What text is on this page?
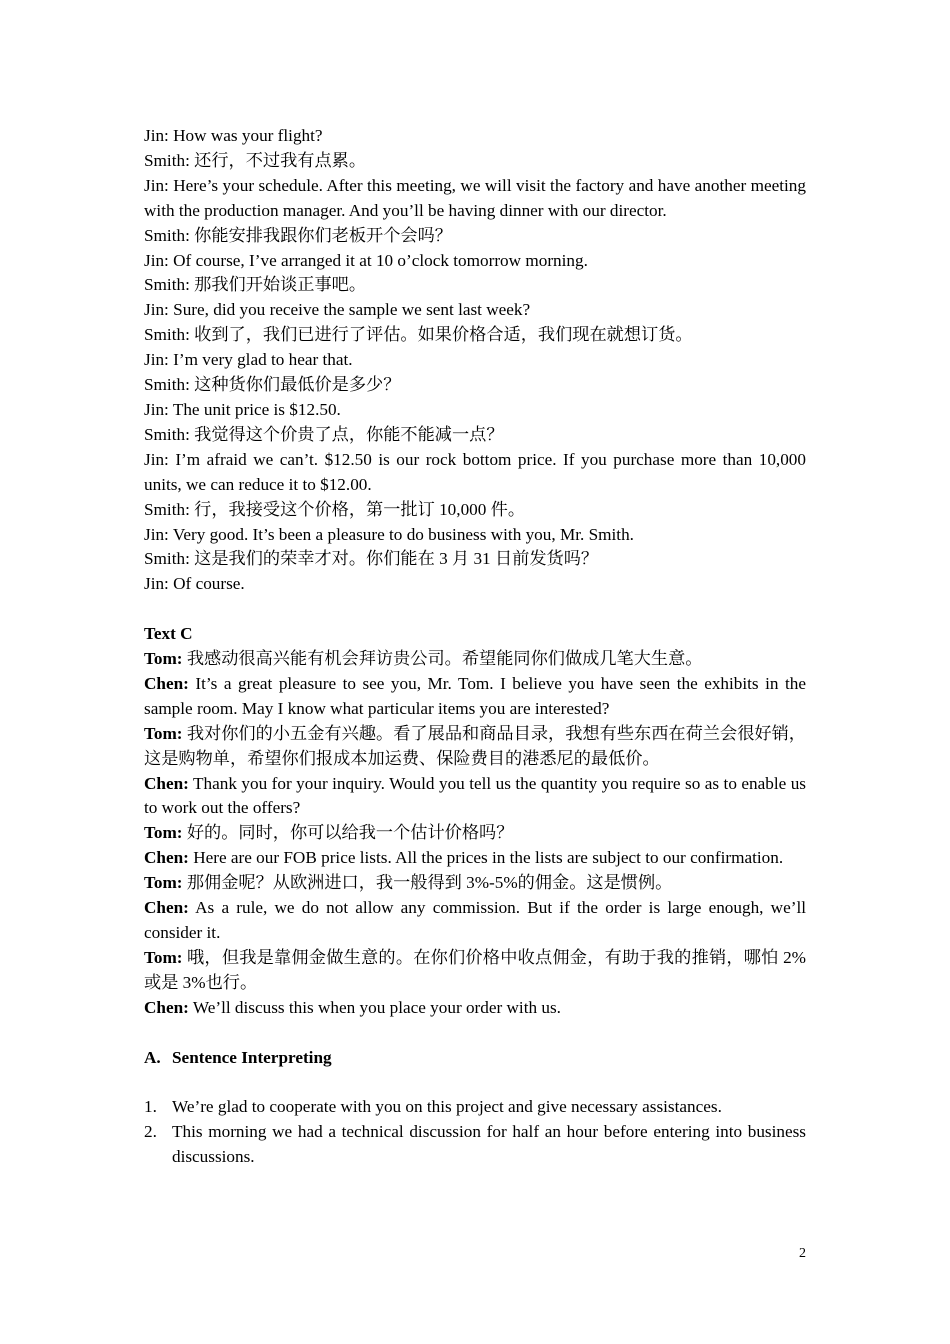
Jin: How was your flight?

Smith: 还行，不过我有点累。

Jin: Here’s your schedule. After this meeting, we will visit the factory and have another meeting with the production manager. And you’ll be having dinner with our director.

Smith: 你能安排我跟你们老板开个会吗？

Jin: Of course, I’ve arranged it at 10 o’clock tomorrow morning.

Smith: 那我们开始谈正事吧。

Jin: Sure, did you receive the sample we sent last week?

Smith: 收到了，我们已进行了评估。如果价格合适，我们现在就想订货。

Jin: I’m very glad to hear that.

Smith: 这种货你们最低价是多少？

Jin: The unit price is $12.50.

Smith: 我觉得这个价贵了点，你能不能减一点？

Jin: I’m afraid we can’t. $12.50 is our rock bottom price. If you purchase more than 10,000 units, we can reduce it to $12.00.

Smith: 行，我接受这个价格，第一批订 10,000 件。

Jin: Very good. It’s been a pleasure to do business with you, Mr. Smith.

Smith: 这是我们的荣幸才对。你们能在 3 月 31 日前发货吗？

Jin: Of course.

Text C

Tom: 我感动很高兴能有机会拜访贵公司。希望能同你们做成几笔大生意。

Chen: It’s a great pleasure to see you, Mr. Tom. I believe you have seen the exhibits in the sample room. May I know what particular items you are interested?

Tom: 我对你们的小五金有兴趣。看了展品和商品目录，我想有些东西在荷兰会很好销，这是购物单，希望你们报成本加运费、保险费目的港悉尼的最低价。

Chen: Thank you for your inquiry. Would you tell us the quantity you require so as to enable us to work out the offers?

Tom: 好的。同时，你可以给我一个估计价格吗？

Chen: Here are our FOB price lists. All the prices in the lists are subject to our confirmation.

Tom: 那佣金呢？从欧洲进口，我一般得到 3%-5%的佣金。这是惯例。

Chen: As a rule, we do not allow any commission. But if the order is large enough, we’ll consider it.

Tom: 哦，但我是靠佣金做生意的。在你们价格中收点佣金，有助于我的推销，哪怕 2%或是 3%也行。

Chen: We’ll discuss this when you place your order with us.

A. Sentence Interpreting

1. We’re glad to cooperate with you on this project and give necessary assistances.
2. This morning we had a technical discussion for half an hour before entering into business discussions.
2
